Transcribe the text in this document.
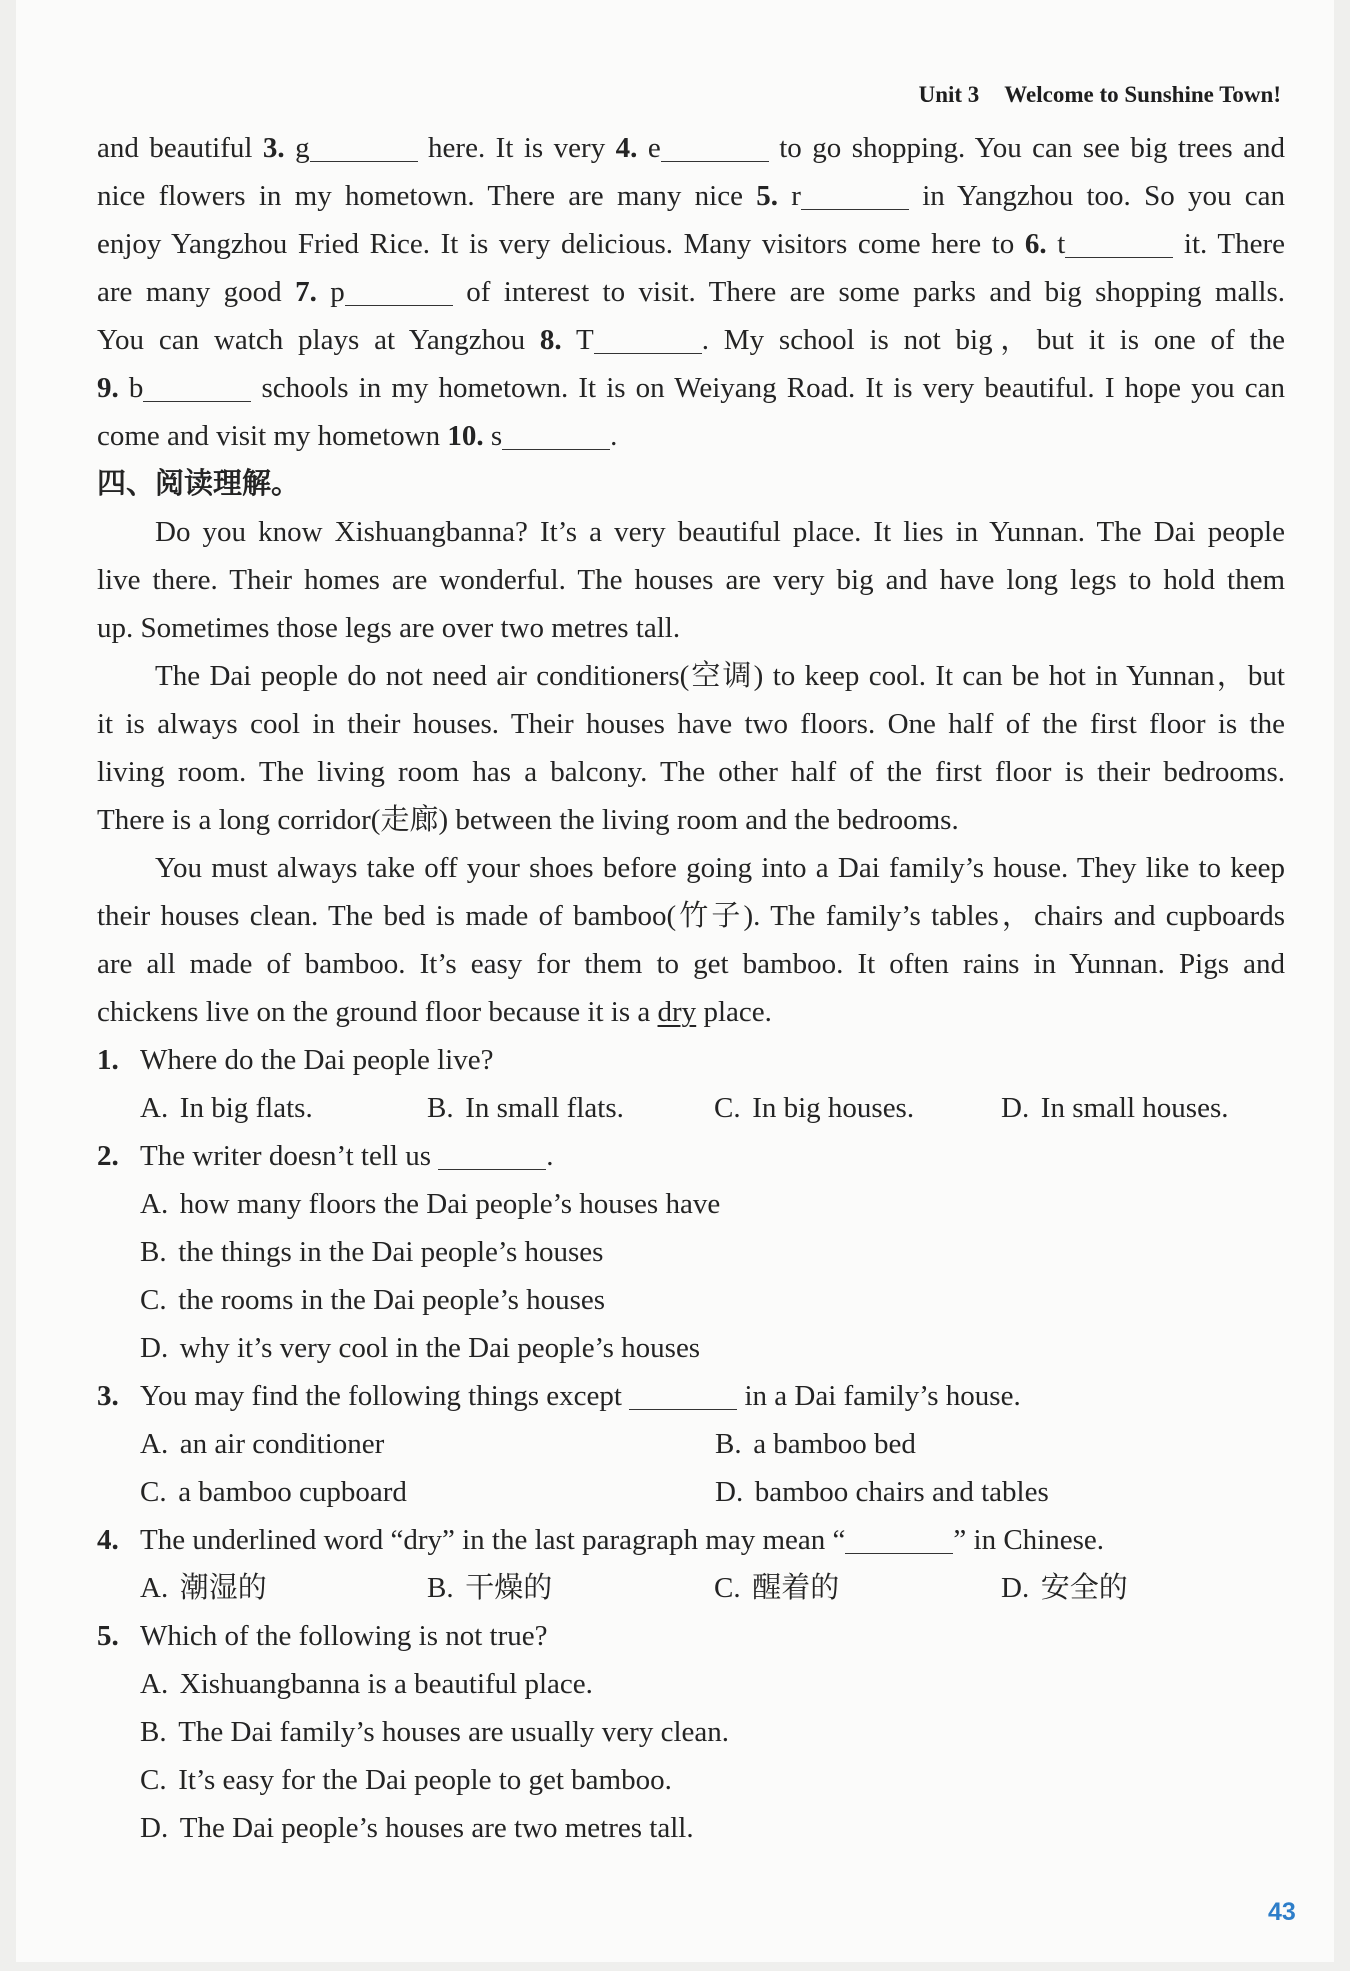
Unit 3 Welcome to Sunshine Town!
and beautiful 3. g	here. It is very 4. e	to go shopping. You can see big trees and
nice flowers in my hometown. There are many nice 5. r	in Yangzhou too. So you can
enjoy Yangzhou Fried Rice. It is very delicious. Many visitors come here to 6. t	it. There
are many good 7. p	of interest to visit. There are some parks and big shopping malls.
You can watch plays at Yangzhou 8. T	. My school is not big，but it is one of the
9. b	schools in my hometown. It is on Weiyang Road. It is very beautiful. I hope you can
come and visit my hometown 10. s	.
四、阅读理解。
Do you know Xishuangbanna? It’s a very beautiful place. It lies in Yunnan. The Dai people
live there. Their homes are wonderful. The houses are very big and have long legs to hold them
up. Sometimes those legs are over two metres tall.
The Dai people do not need air conditioners(空调) to keep cool. It can be hot in Yunnan，but
it is always cool in their houses. Their houses have two floors. One half of the first floor is the
living room. The living room has a balcony. The other half of the first floor is their bedrooms.
There is a long corridor(走廊) between the living room and the bedrooms.
You must always take off your shoes before going into a Dai family’s house. They like to keep
their houses clean. The bed is made of bamboo(竹子). The family’s tables，chairs and cupboards
are all made of bamboo. It’s easy for them to get bamboo. It often rains in Yunnan. Pigs and
chickens live on the ground floor because it is a dry place.
1. Where do the Dai people live?
A. In big flats.	B. In small flats.	C. In big houses.	D. In small houses.
2. The writer doesn’t tell us	.
A. how many floors the Dai people’s houses have
B. the things in the Dai people’s houses
C. the rooms in the Dai people’s houses
D. why it’s very cool in the Dai people’s houses
3. You may find the following things except	in a Dai family’s house.
A. an air conditioner	B. a bamboo bed
C. a bamboo cupboard	D. bamboo chairs and tables
4. The underlined word “dry” in the last paragraph may mean “	” in Chinese.
A. 潮湿的	B. 干燥的	C. 醒着的	D. 安全的
5. Which of the following is not true?
A. Xishuangbanna is a beautiful place.
B. The Dai family’s houses are usually very clean.
C. It’s easy for the Dai people to get bamboo.
D. The Dai people’s houses are two metres tall.
43
